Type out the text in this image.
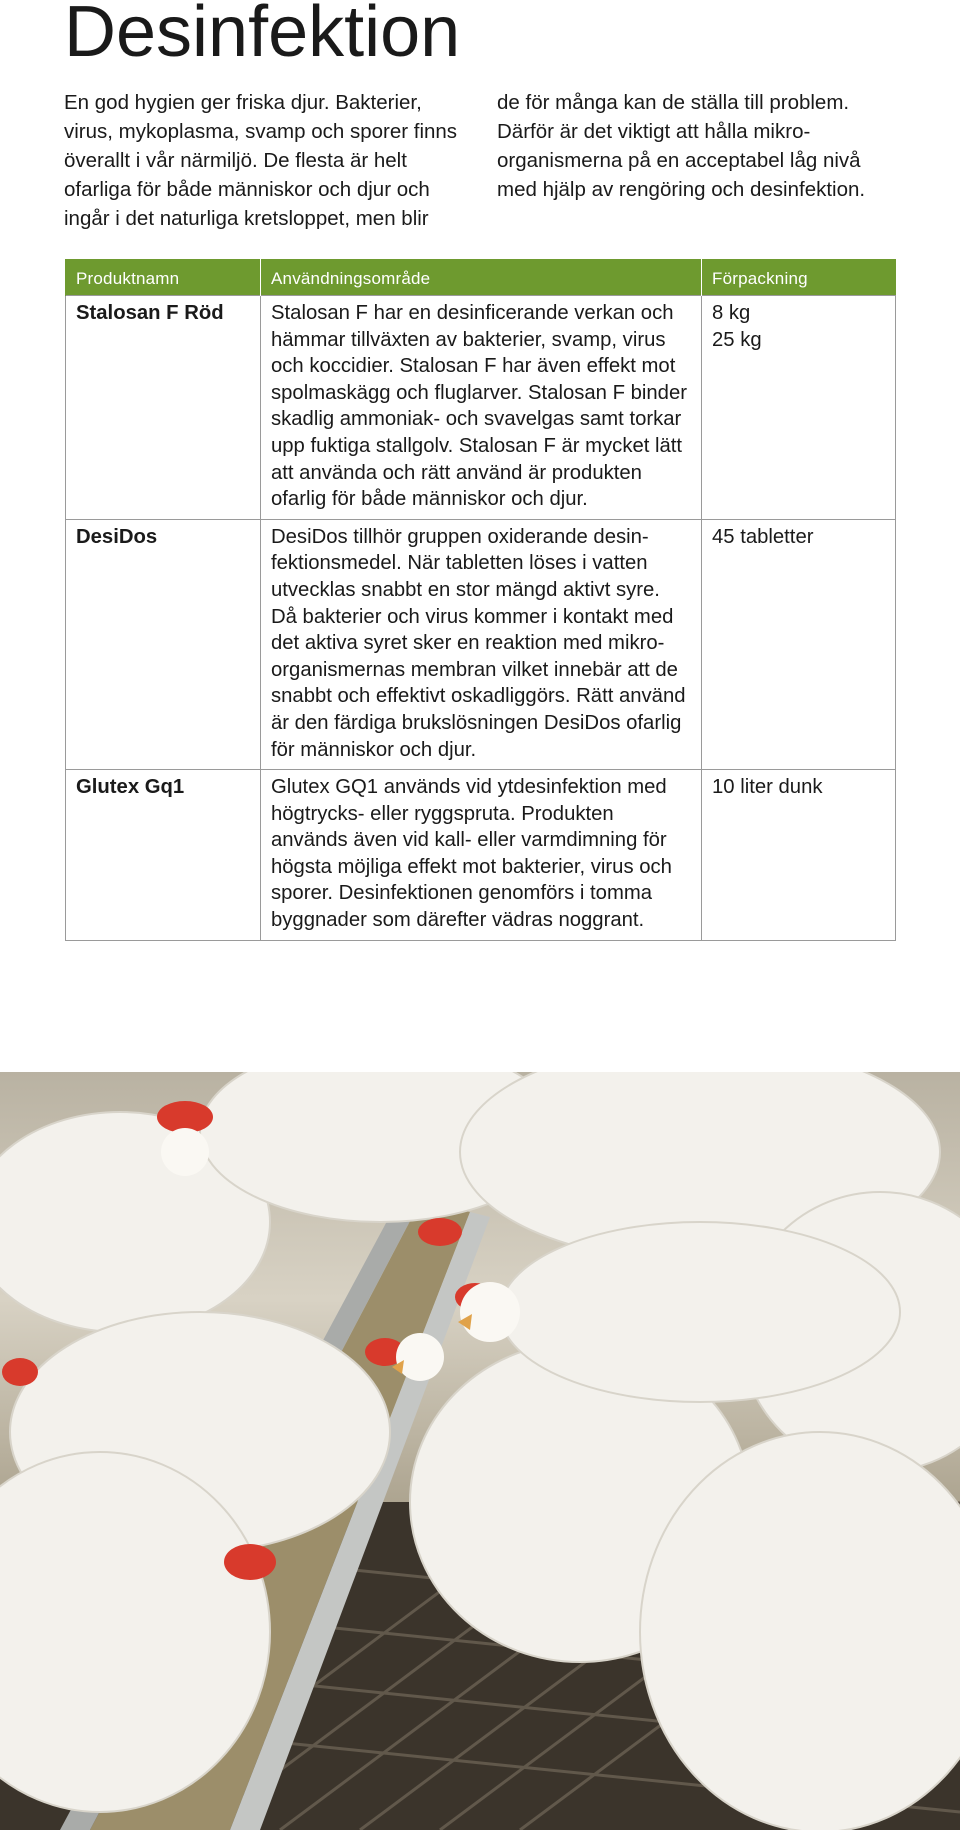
Desinfektion

En god hygien ger friska djur. Bakterier, virus, mykoplasma, svamp och sporer finns överallt i vår närmiljö. De flesta är helt ofarliga för både människor och djur och ingår i det naturliga kretsloppet, men blir

de för många kan de ställa till problem. Därför är det viktigt att hålla mikroorganismerna på en acceptabel låg nivå med hjälp av rengöring och desinfektion.

Produktnamn	Användningsområde	Förpackning
Stalosan F Röd	Stalosan F har en desinficerande verkan och hämmar tillväxten av bakterier, svamp, virus och koccidier. Stalosan F har även effekt mot spolmaskägg och fluglarver. Stalosan F binder skadlig ammoniak- och svavelgas samt torkar upp fuktiga stallgolv. Stalosan F är mycket lätt att använda och rätt använd är produkten ofarlig för både människor och djur.	8 kg
25 kg

DesiDos	DesiDos tillhör gruppen oxiderande desinfektionsmedel. När tabletten löses i vatten utvecklas snabbt en stor mängd aktivt syre. Då bakterier och virus kommer i kontakt med det aktiva syret sker en reaktion med mikroorganismernas membran vilket innebär att de snabbt och effektivt oskadliggörs. Rätt använd är den färdiga brukslösningen DesiDos ofarlig för människor och djur.	45 tabletter

Glutex Gq1	Glutex GQ1 används vid ytdesinfektion med högtrycks- eller ryggspruta. Produkten används även vid kall- eller varmdimning för högsta möjliga effekt mot bakterier, virus och sporer. Desinfektionen genomförs i tomma byggnader som därefter vädras noggrant.	10 liter dunk
